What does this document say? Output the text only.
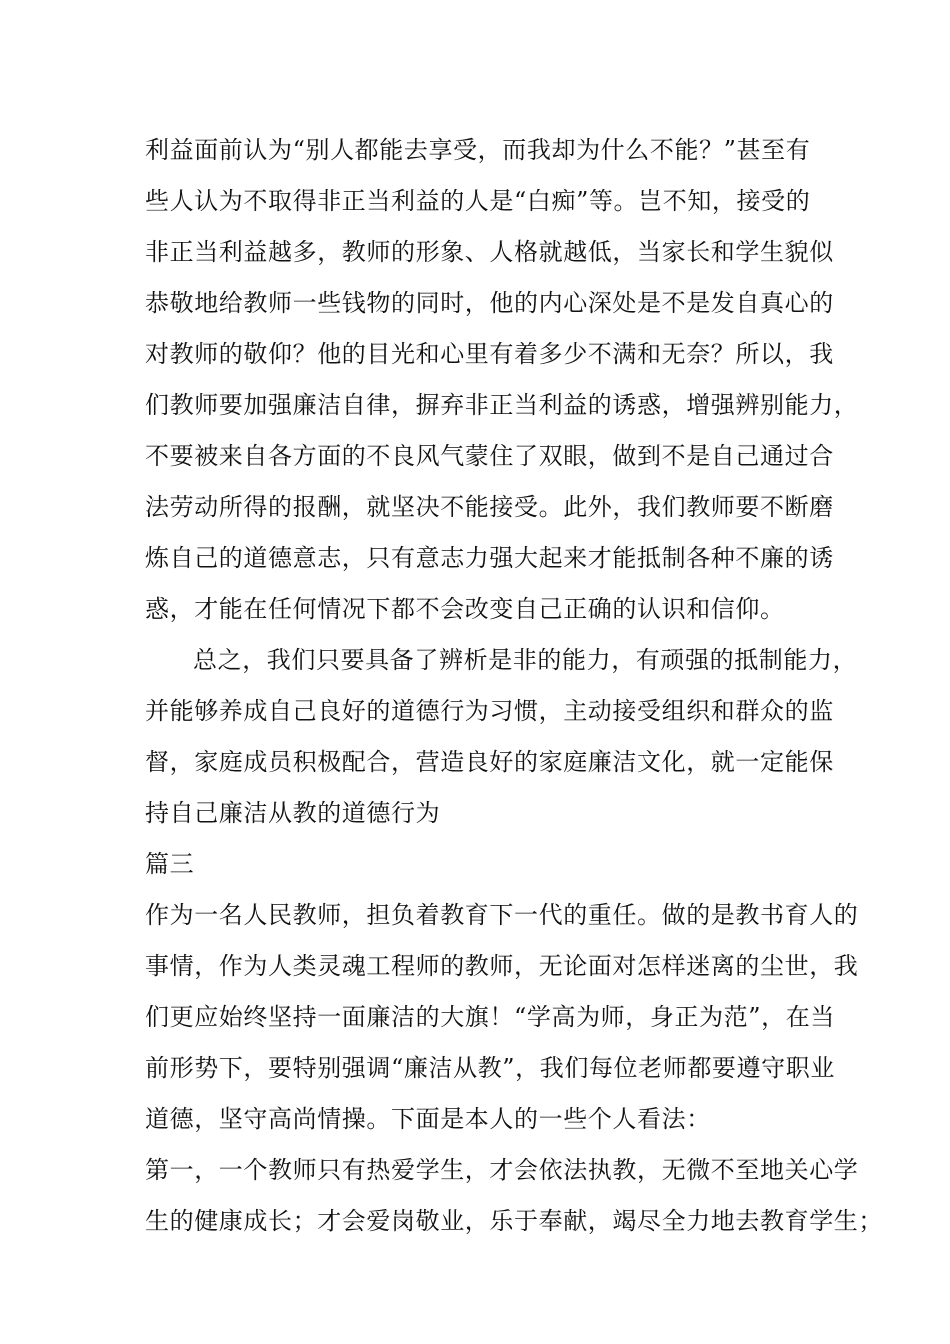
利益面前认为“别人都能去享受，而我却为什么不能？”甚至有
些人认为不取得非正当利益的人是“白痴”等。岂不知，接受的
非正当利益越多，教师的形象、人格就越低，当家长和学生貌似
恭敬地给教师一些钱物的同时，他的内心深处是不是发自真心的
对教师的敬仰？他的目光和心里有着多少不满和无奈？所以，我
们教师要加强廉洁自律，摒弃非正当利益的诱惑，增强辨别能力，
不要被来自各方面的不良风气蒙住了双眼，做到不是自己通过合
法劳动所得的报酬，就坚决不能接受。此外，我们教师要不断磨
炼自己的道德意志，只有意志力强大起来才能抵制各种不廉的诱
惑，才能在任何情况下都不会改变自己正确的认识和信仰。
总之，我们只要具备了辨析是非的能力，有顽强的抵制能力，
并能够养成自己良好的道德行为习惯，主动接受组织和群众的监
督，家庭成员积极配合，营造良好的家庭廉洁文化，就一定能保
持自己廉洁从教的道德行为
篇三
作为一名人民教师，担负着教育下一代的重任。做的是教书育人的
事情，作为人类灵魂工程师的教师，无论面对怎样迷离的尘世，我
们更应始终坚持一面廉洁的大旗！“学高为师，身正为范”，在当
前形势下，要特别强调“廉洁从教”，我们每位老师都要遵守职业
道德，坚守高尚情操。下面是本人的一些个人看法：
第一，一个教师只有热爱学生，才会依法执教，无微不至地关心学
生的健康成长；才会爱岗敬业，乐于奉献，竭尽全力地去教育学生；
